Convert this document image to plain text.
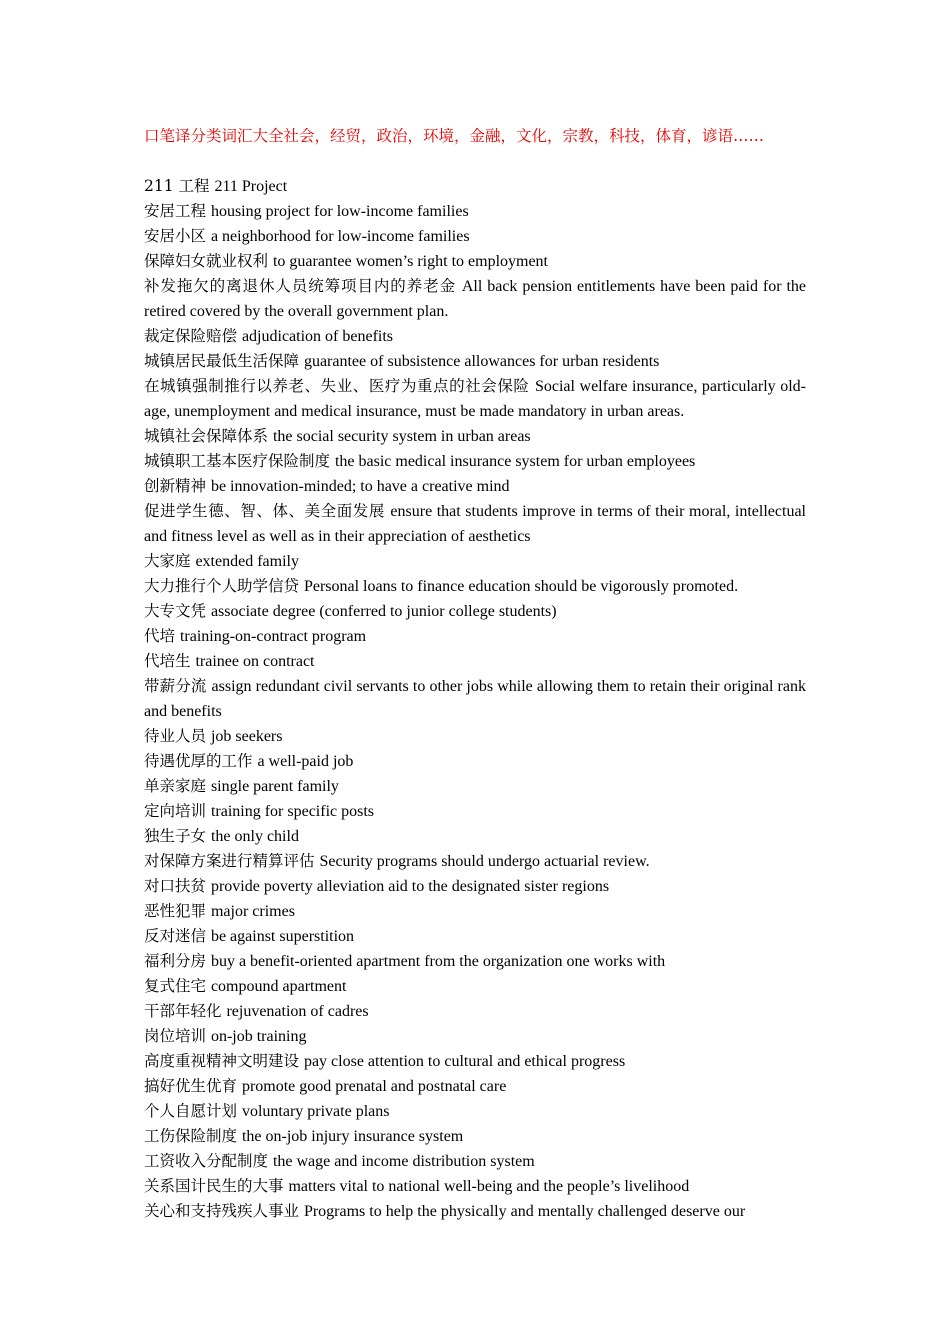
口笔译分类词汇大全社会，经贸，政治，环境，金融，文化，宗教，科技，体育，谚语……

211 工程 211 Project

安居工程 housing project for low-income families

安居小区 a neighborhood for low-income families

保障妇女就业权利 to guarantee women’s right to employment

补发拖欠的离退休人员统筹项目内的养老金 All back pension entitlements have been paid for the retired covered by the overall government plan.

裁定保险赔偿 adjudication of benefits

城镇居民最低生活保障 guarantee of subsistence allowances for urban residents

在城镇强制推行以养老、失业、医疗为重点的社会保险 Social welfare insurance, particularly old-age, unemployment and medical insurance, must be made mandatory in urban areas.

城镇社会保障体系 the social security system in urban areas

城镇职工基本医疗保险制度 the basic medical insurance system for urban employees

创新精神 be innovation-minded; to have a creative mind

促进学生德、智、体、美全面发展 ensure that students improve in terms of their moral, intellectual and fitness level as well as in their appreciation of aesthetics

大家庭 extended family

大力推行个人助学信贷 Personal loans to finance education should be vigorously promoted.

大专文凭 associate degree (conferred to junior college students)

代培 training-on-contract program

代培生 trainee on contract

带薪分流 assign redundant civil servants to other jobs while allowing them to retain their original rank and benefits

待业人员 job seekers

待遇优厚的工作 a well-paid job

单亲家庭 single parent family

定向培训 training for specific posts

独生子女 the only child

对保障方案进行精算评估 Security programs should undergo actuarial review.

对口扶贫 provide poverty alleviation aid to the designated sister regions

恶性犯罪 major crimes

反对迷信 be against superstition

福利分房 buy a benefit-oriented apartment from the organization one works with

复式住宅 compound apartment

干部年轻化 rejuvenation of cadres

岗位培训 on-job training

高度重视精神文明建设 pay close attention to cultural and ethical progress

搞好优生优育 promote good prenatal and postnatal care

个人自愿计划 voluntary private plans

工伤保险制度 the on-job injury insurance system

工资收入分配制度 the wage and income distribution system

关系国计民生的大事 matters vital to national well-being and the people’s livelihood

关心和支持残疾人事业 Programs to help the physically and mentally challenged deserve our
